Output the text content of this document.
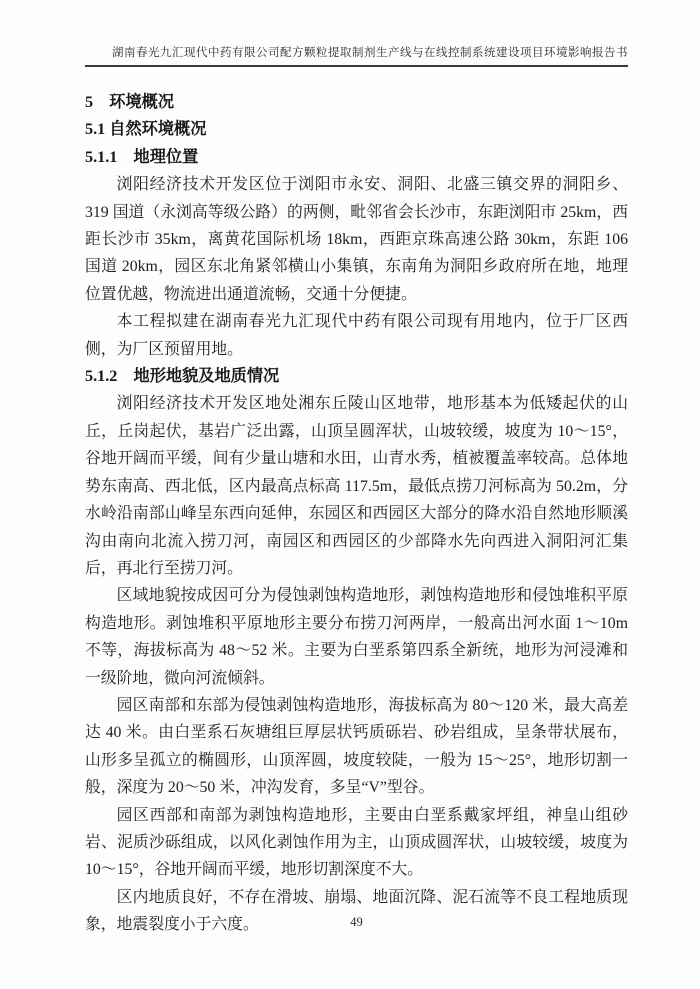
湖南春光九汇现代中药有限公司配方颗粒提取制剂生产线与在线控制系统建设项目环境影响报告书
5　环境概况
5.1 自然环境概况
5.1.1　地理位置

浏阳经济技术开发区位于浏阳市永安、洞阳、北盛三镇交界的洞阳乡、319 国道（永浏高等级公路）的两侧，毗邻省会长沙市，东距浏阳市 25km，西距长沙市 35km，离黄花国际机场 18km，西距京珠高速公路 30km，东距 106 国道 20km，园区东北角紧邻横山小集镇，东南角为洞阳乡政府所在地，地理位置优越，物流进出通道流畅，交通十分便捷。

本工程拟建在湖南春光九汇现代中药有限公司现有用地内，位于厂区西侧，为厂区预留用地。

5.1.2　地形地貌及地质情况

浏阳经济技术开发区地处湘东丘陵山区地带，地形基本为低矮起伏的山丘，丘岗起伏，基岩广泛出露，山顶呈圆浑状，山坡较缓，坡度为 10～15°，谷地开阔而平缓，间有少量山塘和水田，山青水秀，植被覆盖率较高。总体地势东南高、西北低，区内最高点标高 117.5m，最低点捞刀河标高为 50.2m，分水岭沿南部山峰呈东西向延伸，东园区和西园区大部分的降水沿自然地形顺溪沟由南向北流入捞刀河，南园区和西园区的少部降水先向西进入洞阳河汇集后，再北行至捞刀河。

区域地貌按成因可分为侵蚀剥蚀构造地形，剥蚀构造地形和侵蚀堆积平原构造地形。剥蚀堆积平原地形主要分布捞刀河两岸，一般高出河水面 1～10m 不等，海拔标高为 48～52 米。主要为白垩系第四系全新统，地形为河浸滩和一级阶地，微向河流倾斜。

园区南部和东部为侵蚀剥蚀构造地形，海拔标高为 80～120 米，最大高差达 40 米。由白垩系石灰塘组巨厚层状钙质砾岩、砂岩组成，呈条带状展布，山形多呈孤立的椭圆形，山顶浑圆，坡度较陡，一般为 15～25°，地形切割一般，深度为 20～50 米，冲沟发育，多呈“V”型谷。

园区西部和南部为剥蚀构造地形，主要由白垩系戴家坪组，神皇山组砂岩、泥质沙砾组成，以风化剥蚀作用为主，山顶成圆浑状，山坡较缓，坡度为 10～15°，谷地开阔而平缓，地形切割深度不大。

区内地质良好，不存在滑坡、崩塌、地面沉降、泥石流等不良工程地质现象，地震裂度小于六度。	49
